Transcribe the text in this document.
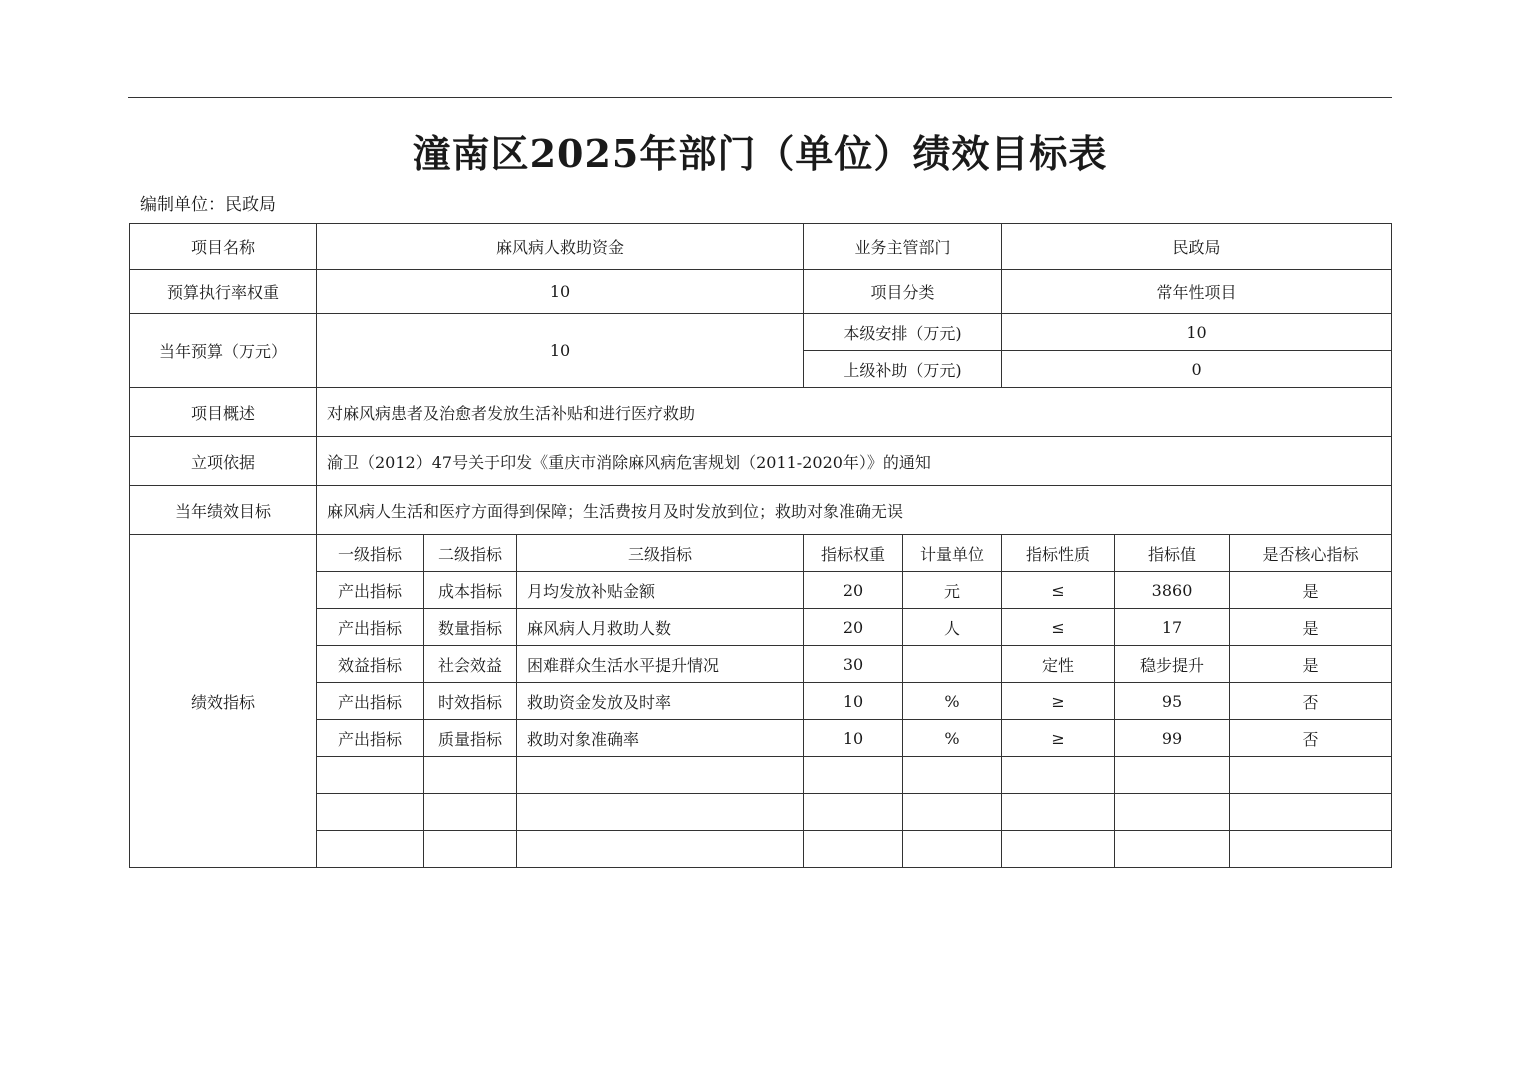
潼南区2025年部门（单位）绩效目标表
编制单位：民政局
项目名称	麻风病人救助资金			业务主管部门		民政局		
预算执行率权重	10			项目分类		常年性项目		
当年预算（万元）	10			本级安排（万元)		10		
				上级补助（万元)		0		
项目概述	对麻风病患者及治愈者发放生活补贴和进行医疗救助							
立项依据	渝卫（2012）47号关于印发《重庆市消除麻风病危害规划（2011-2020年）》的通知							
当年绩效目标	麻风病人生活和医疗方面得到保障；生活费按月及时发放到位；救助对象准确无误							
绩效指标	一级指标	二级指标	三级指标	指标权重	计量单位	指标性质	指标值	是否核心指标
	产出指标	成本指标	月均发放补贴金额	20	元	≤	3860	是
	产出指标	数量指标	麻风病人月救助人数	20	人	≤	17	是
	效益指标	社会效益	困难群众生活水平提升情况	30		定性	稳步提升	是
	产出指标	时效指标	救助资金发放及时率	10	%	≥	95	否
	产出指标	质量指标	救助对象准确率	10	%	≥	99	否
